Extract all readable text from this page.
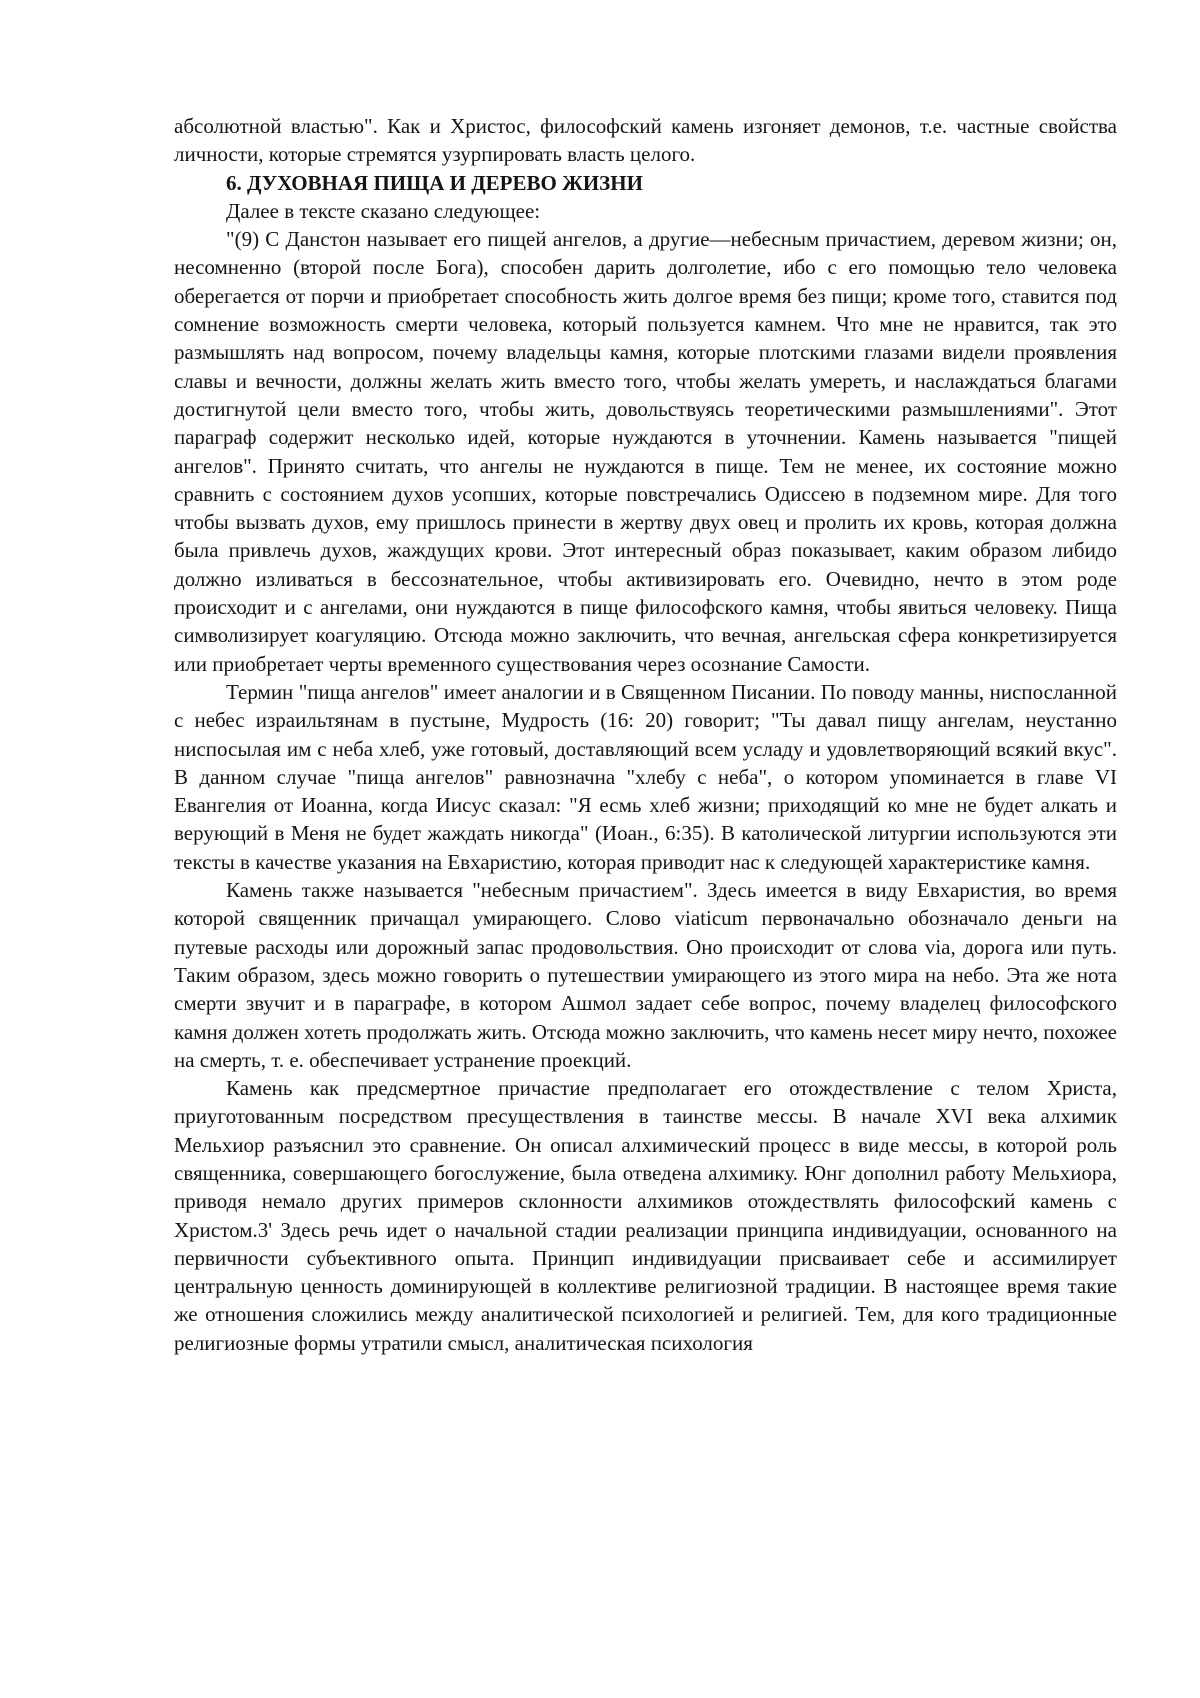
абсолютной властью". Как и Христос, философский камень изгоняет демонов, т.е. частные свойства личности, которые стремятся узурпировать власть целого.

6. ДУХОВНАЯ ПИЩА И ДЕРЕВО ЖИЗНИ

Далее в тексте сказано следующее:

"(9) С Данстон называет его пищей ангелов, а другие—небесным причастием, деревом жизни; он, несомненно (второй после Бога), способен дарить долголетие, ибо с его помощью тело человека оберегается от порчи и приобретает способность жить долгое время без пищи; кроме того, ставится под сомнение возможность смерти человека, который пользуется камнем. Что мне не нравится, так это размышлять над вопросом, почему владельцы камня, которые плотскими глазами видели проявления славы и вечности, должны желать жить вместо того, чтобы желать умереть, и наслаждаться благами достигнутой цели вместо того, чтобы жить, довольствуясь теоретическими размышлениями". Этот параграф содержит несколько идей, которые нуждаются в уточнении. Камень называется "пищей ангелов". Принято считать, что ангелы не нуждаются в пище. Тем не менее, их состояние можно сравнить с состоянием духов усопших, которые повстречались Одиссею в подземном мире. Для того чтобы вызвать духов, ему пришлось принести в жертву двух овец и пролить их кровь, которая должна была привлечь духов, жаждущих крови. Этот интересный образ показывает, каким образом либидо должно изливаться в бессознательное, чтобы активизировать его. Очевидно, нечто в этом роде происходит и с ангелами, они нуждаются в пище философского камня, чтобы явиться человеку. Пища символизирует коагуляцию. Отсюда можно заключить, что вечная, ангельская сфера конкретизируется или приобретает черты временного существования через осознание Самости.

Термин "пища ангелов" имеет аналогии и в Священном Писании. По поводу манны, ниспосланной с небес израильтянам в пустыне, Мудрость (16: 20) говорит; "Ты давал пищу ангелам, неустанно ниспосылая им с неба хлеб, уже готовый, доставляющий всем усладу и удовлетворяющий всякий вкус". В данном случае "пища ангелов" равнозначна "хлебу с неба", о котором упоминается в главе VI Евангелия от Иоанна, когда Иисус сказал: "Я есмь хлеб жизни; приходящий ко мне не будет алкать и верующий в Меня не будет жаждать никогда" (Иоан., 6:35). В католической литургии используются эти тексты в качестве указания на Евхаристию, которая приводит нас к следующей характеристике камня.

Камень также называется "небесным причастием". Здесь имеется в виду Евхаристия, во время которой священник причащал умирающего. Слово viaticum первоначально обозначало деньги на путевые расходы или дорожный запас продовольствия. Оно происходит от слова via, дорога или путь. Таким образом, здесь можно говорить о путешествии умирающего из этого мира на небо. Эта же нота смерти звучит и в параграфе, в котором Ашмол задает себе вопрос, почему владелец философского камня должен хотеть продолжать жить. Отсюда можно заключить, что камень несет миру нечто, похожее на смерть, т. е. обеспечивает устранение проекций.

Камень как предсмертное причастие предполагает его отождествление с телом Христа, приуготованным посредством пресуществления в таинстве мессы. В начале XVI века алхимик Мельхиор разъяснил это сравнение. Он описал алхимический процесс в виде мессы, в которой роль священника, совершающего богослужение, была отведена алхимику. Юнг дополнил работу Мельхиора, приводя немало других примеров склонности алхимиков отождествлять философский камень с Христом.3' Здесь речь идет о начальной стадии реализации принципа индивидуации, основанного на первичности субъективного опыта. Принцип индивидуации присваивает себе и ассимилирует центральную ценность доминирующей в коллективе религиозной традиции. В настоящее время такие же отношения сложились между аналитической психологией и религией. Тем, для кого традиционные религиозные формы утратили смысл, аналитическая психология
